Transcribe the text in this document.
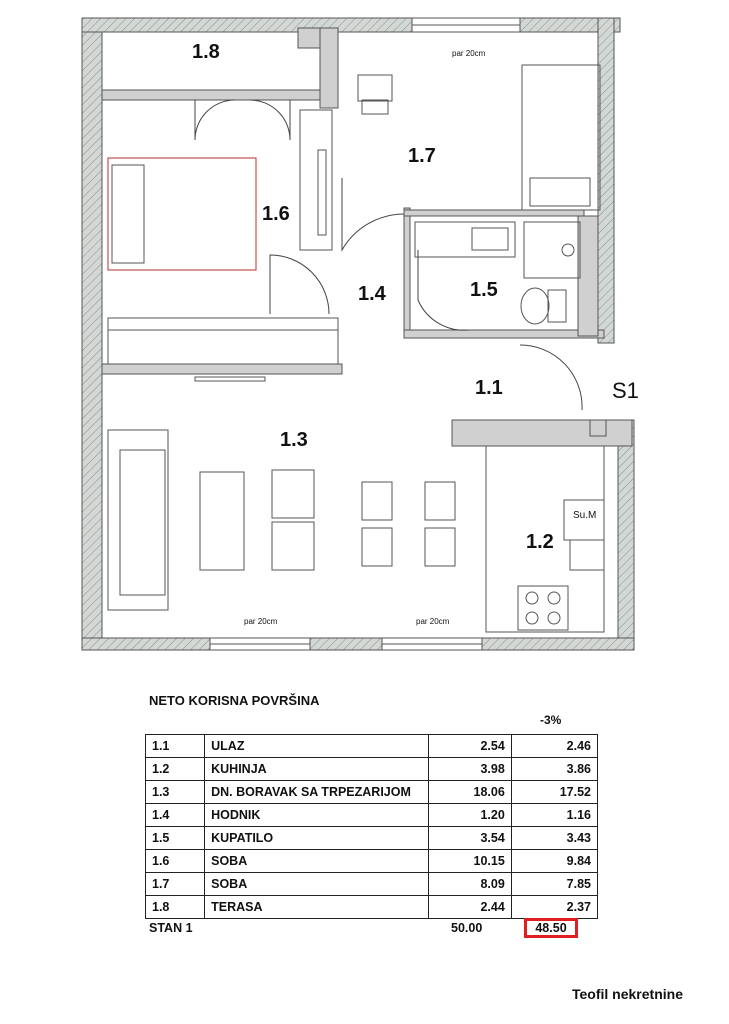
1.8
1.7
1.6
1.4	1.5
1.1
1.3
1.2
S1
par 20cm
par 20cm	par 20cm
Su.M
NETO KORISNA POVRŠINA
-3%
1.1	ULAZ	2.54	2.46
1.2	KUHINJA	3.98	3.86
1.3	DN. BORAVAK SA TRPEZARIJOM	18.06	17.52
1.4	HODNIK	1.20	1.16
1.5	KUPATILO	3.54	3.43
1.6	SOBA	10.15	9.84
1.7	SOBA	8.09	7.85
1.8	TERASA	2.44	2.37
STAN 1	50.00	48.50
Teofil nekretnine
